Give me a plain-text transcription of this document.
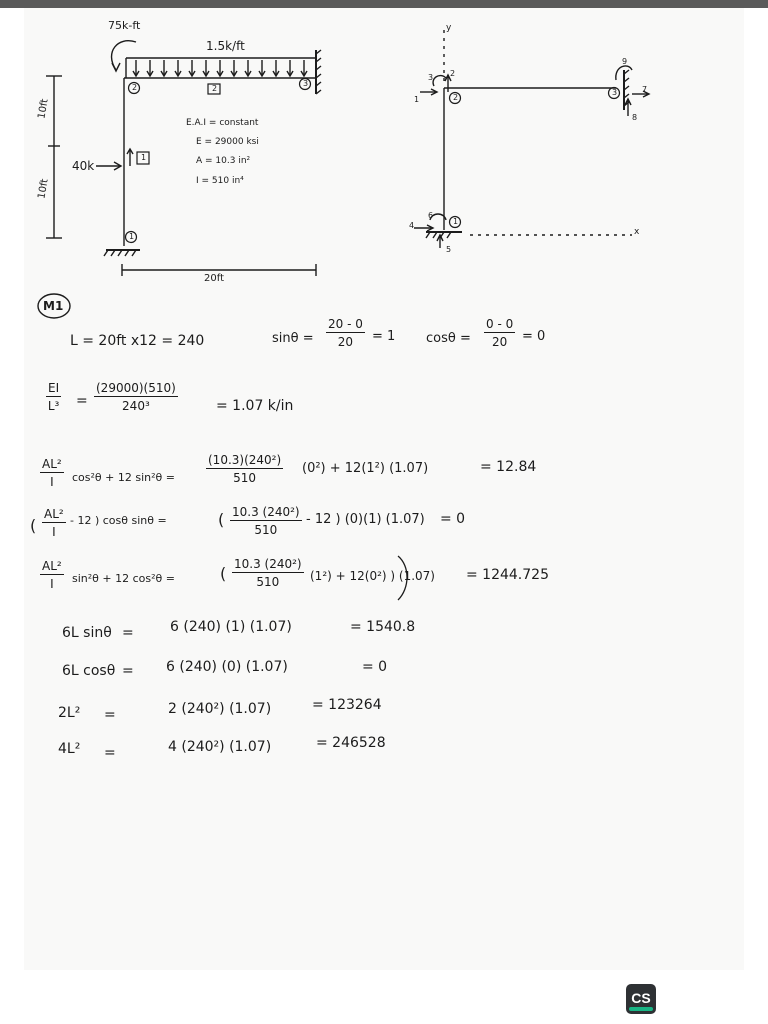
75k-ft
1.5k/ft
10ft
10ft
40k
20ft
2	3
1
2
1
E.A.I = constant
E = 29000 ksi
A = 10.3 in²
I = 510 in⁴
y
x
2
3
1
1
2
3
4
5
6
7
8
9
M1
L = 20ft x12 = 240	$\sin\theta = \frac{20 - 0}{20} = 1$ $\cos\theta = \frac{0 - 0}{20} = 0$
$\frac{EI}{\text{L³}} = \frac{(29000)(510)}{\text{240³}}$	= 1.07 k/in
(
$\frac{\text{AL²}}{I} \cos^2\theta + 12$ sin²θ =	$\frac{\text{(10.3)(240²)}}{510} (0^2) + 12(1^2)$ (1.07)	= 12.84
$\frac{\text{AL²}}{I} - 12$ ) cosθ sinθ =	( $\frac{\text{10.3 (240²)}}{510} - 12$ ) (0)(1) (1.07) = 0
$\frac{\text{AL²}}{I} \sin^2\theta + 12$ cos²θ =	( $\frac{\text{10.3 (240²)}}{510} (1^2) + 12(0^2)$ ) (1.07) = 1244.725
6L sinθ =	6 (240) (1) (1.07)	= 1540.8
6L cosθ = 6 (240) (0) (1.07)	= 0
2L² =	2 (240²) (1.07)	= 123264
4L² =	4 (240²) (1.07)	= 246528
CS
